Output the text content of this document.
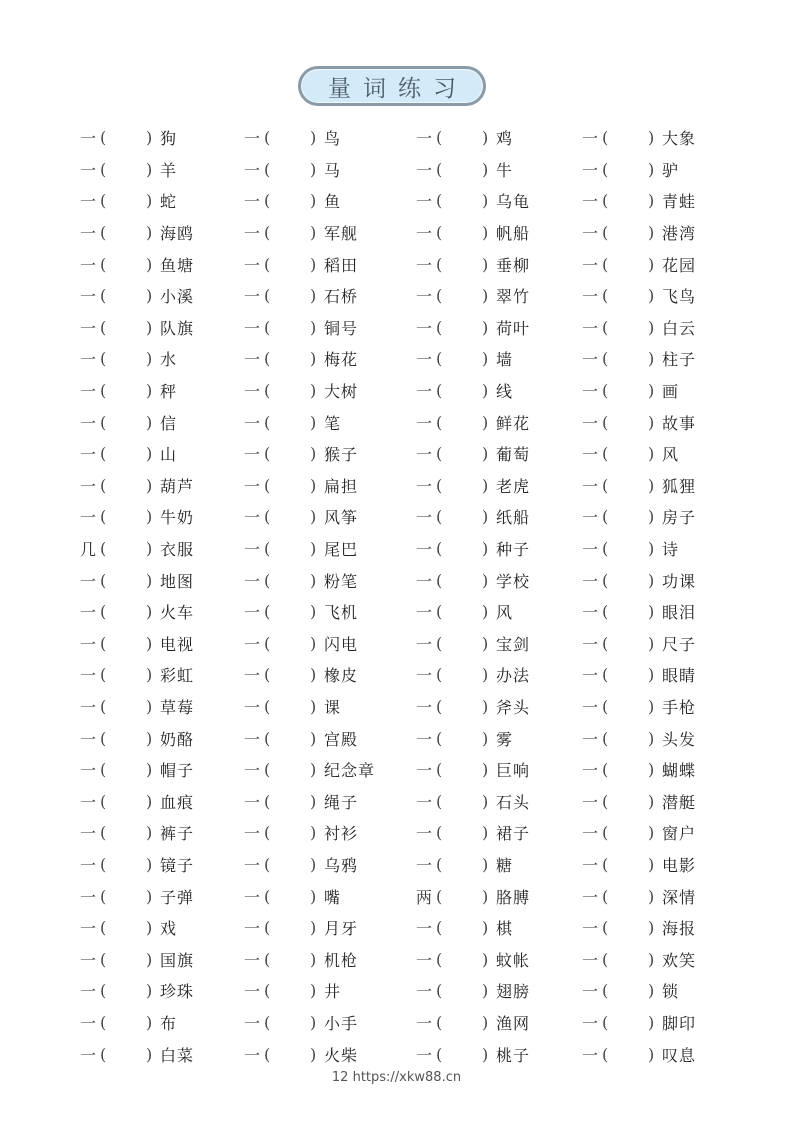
量词练习
一 (	) 狗	一 (	) 鸟	一 (	) 鸡	一 (	) 大象
一 (	) 羊	一 (	) 马	一 (	) 牛	一 (	) 驴
一 (	) 蛇	一 (	) 鱼	一 (	) 乌龟	一 (	) 青蛙
一 (	) 海鸥	一 (	) 军舰	一 (	) 帆船	一 (	) 港湾
一 (	) 鱼塘	一 (	) 稻田	一 (	) 垂柳	一 (	) 花园
一 (	) 小溪	一 (	) 石桥	一 (	) 翠竹	一 (	) 飞鸟
一 (	) 队旗	一 (	) 铜号	一 (	) 荷叶	一 (	) 白云
一 (	) 水	一 (	) 梅花	一 (	) 墙	一 (	) 柱子
一 (	) 秤	一 (	) 大树	一 (	) 线	一 (	) 画
一 (	) 信	一 (	) 笔	一 (	) 鲜花	一 (	) 故事
一 (	) 山	一 (	) 猴子	一 (	) 葡萄	一 (	) 风
一 (	) 葫芦	一 (	) 扁担	一 (	) 老虎	一 (	) 狐狸
一 (	) 牛奶	一 (	) 风筝	一 (	) 纸船	一 (	) 房子
几 (	) 衣服	一 (	) 尾巴	一 (	) 种子	一 (	) 诗
一 (	) 地图	一 (	) 粉笔	一 (	) 学校	一 (	) 功课
一 (	) 火车	一 (	) 飞机	一 (	) 风	一 (	) 眼泪
一 (	) 电视	一 (	) 闪电	一 (	) 宝剑	一 (	) 尺子
一 (	) 彩虹	一 (	) 橡皮	一 (	) 办法	一 (	) 眼睛
一 (	) 草莓	一 (	) 课	一 (	) 斧头	一 (	) 手枪
一 (	) 奶酪	一 (	) 宫殿	一 (	) 雾	一 (	) 头发
一 (	) 帽子	一 (	) 纪念章	一 (	) 巨响	一 (	) 蝴蝶
一 (	) 血痕	一 (	) 绳子	一 (	) 石头	一 (	) 潜艇
一 (	) 裤子	一 (	) 衬衫	一 (	) 裙子	一 (	) 窗户
一 (	) 镜子	一 (	) 乌鸦	一 (	) 糖	一 (	) 电影
一 (	) 子弹	一 (	) 嘴	两 (	) 胳膊	一 (	) 深情
一 (	) 戏	一 (	) 月牙	一 (	) 棋	一 (	) 海报
一 (	) 国旗	一 (	) 机枪	一 (	) 蚊帐	一 (	) 欢笑
一 (	) 珍珠	一 (	) 井	一 (	) 翅膀	一 (	) 锁
一 (	) 布	一 (	) 小手	一 (	) 渔网	一 (	) 脚印
一 (	) 白菜	一 (	) 火柴	一 (	) 桃子	一 (	) 叹息
12 https://xkw88.cn
